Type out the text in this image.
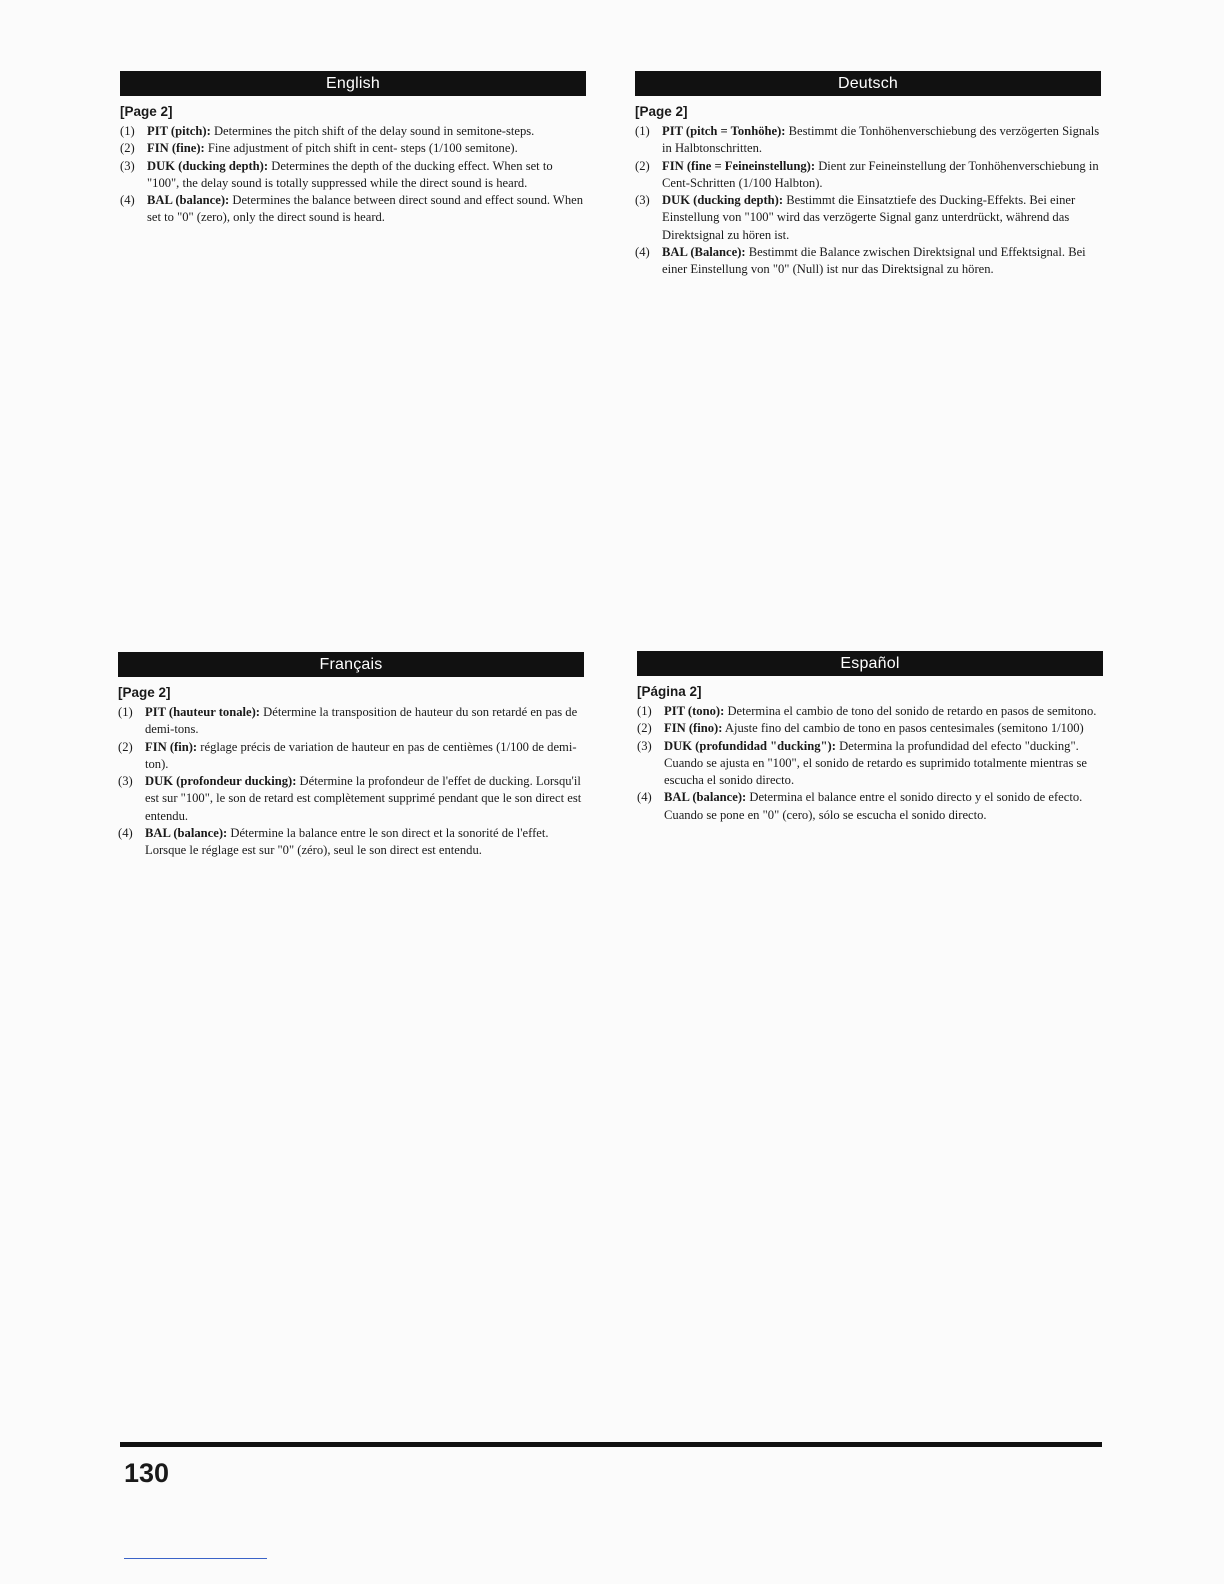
English
[Page 2]
(1) PIT (pitch): Determines the pitch shift of the delay sound in semitone-steps.
(2) FIN (fine): Fine adjustment of pitch shift in cent- steps (1/100 semitone).
(3) DUK (ducking depth): Determines the depth of the ducking effect. When set to "100", the delay sound is totally suppressed while the direct sound is heard.
(4) BAL (balance): Determines the balance between direct sound and effect sound. When set to "0" (zero), only the direct sound is heard.
Deutsch
[Page 2]
(1) PIT (pitch = Tonhöhe): Bestimmt die Tonhöhenverschiebung des verzögerten Signals in Halbtonschritten.
(2) FIN (fine = Feineinstellung): Dient zur Feineinstellung der Tonhöhenverschiebung in Cent-Schritten (1/100 Halbton).
(3) DUK (ducking depth): Bestimmt die Einsatztiefe des Ducking-Effekts. Bei einer Einstellung von "100" wird das verzögerte Signal ganz unterdrückt, während das Direktsignal zu hören ist.
(4) BAL (Balance): Bestimmt die Balance zwischen Direktsignal und Effektsignal. Bei einer Einstellung von "0" (Null) ist nur das Direktsignal zu hören.
Français
[Page 2]
(1) PIT (hauteur tonale): Détermine la transposition de hauteur du son retardé en pas de demi-tons.
(2) FIN (fin): réglage précis de variation de hauteur en pas de centièmes (1/100 de demi-ton).
(3) DUK (profondeur ducking): Détermine la profondeur de l'effet de ducking. Lorsqu'il est sur "100", le son de retard est complètement supprimé pendant que le son direct est entendu.
(4) BAL (balance): Détermine la balance entre le son direct et la sonorité de l'effet. Lorsque le réglage est sur "0" (zéro), seul le son direct est entendu.
Español
[Página 2]
(1) PIT (tono): Determina el cambio de tono del sonido de retardo en pasos de semitono.
(2) FIN (fino): Ajuste fino del cambio de tono en pasos centesimales (semitono 1/100)
(3) DUK (profundidad "ducking"): Determina la profundidad del efecto "ducking". Cuando se ajusta en "100", el sonido de retardo es suprimido totalmente mientras se escucha el sonido directo.
(4) BAL (balance): Determina el balance entre el sonido directo y el sonido de efecto. Cuando se pone en "0" (cero), sólo se escucha el sonido directo.
130
